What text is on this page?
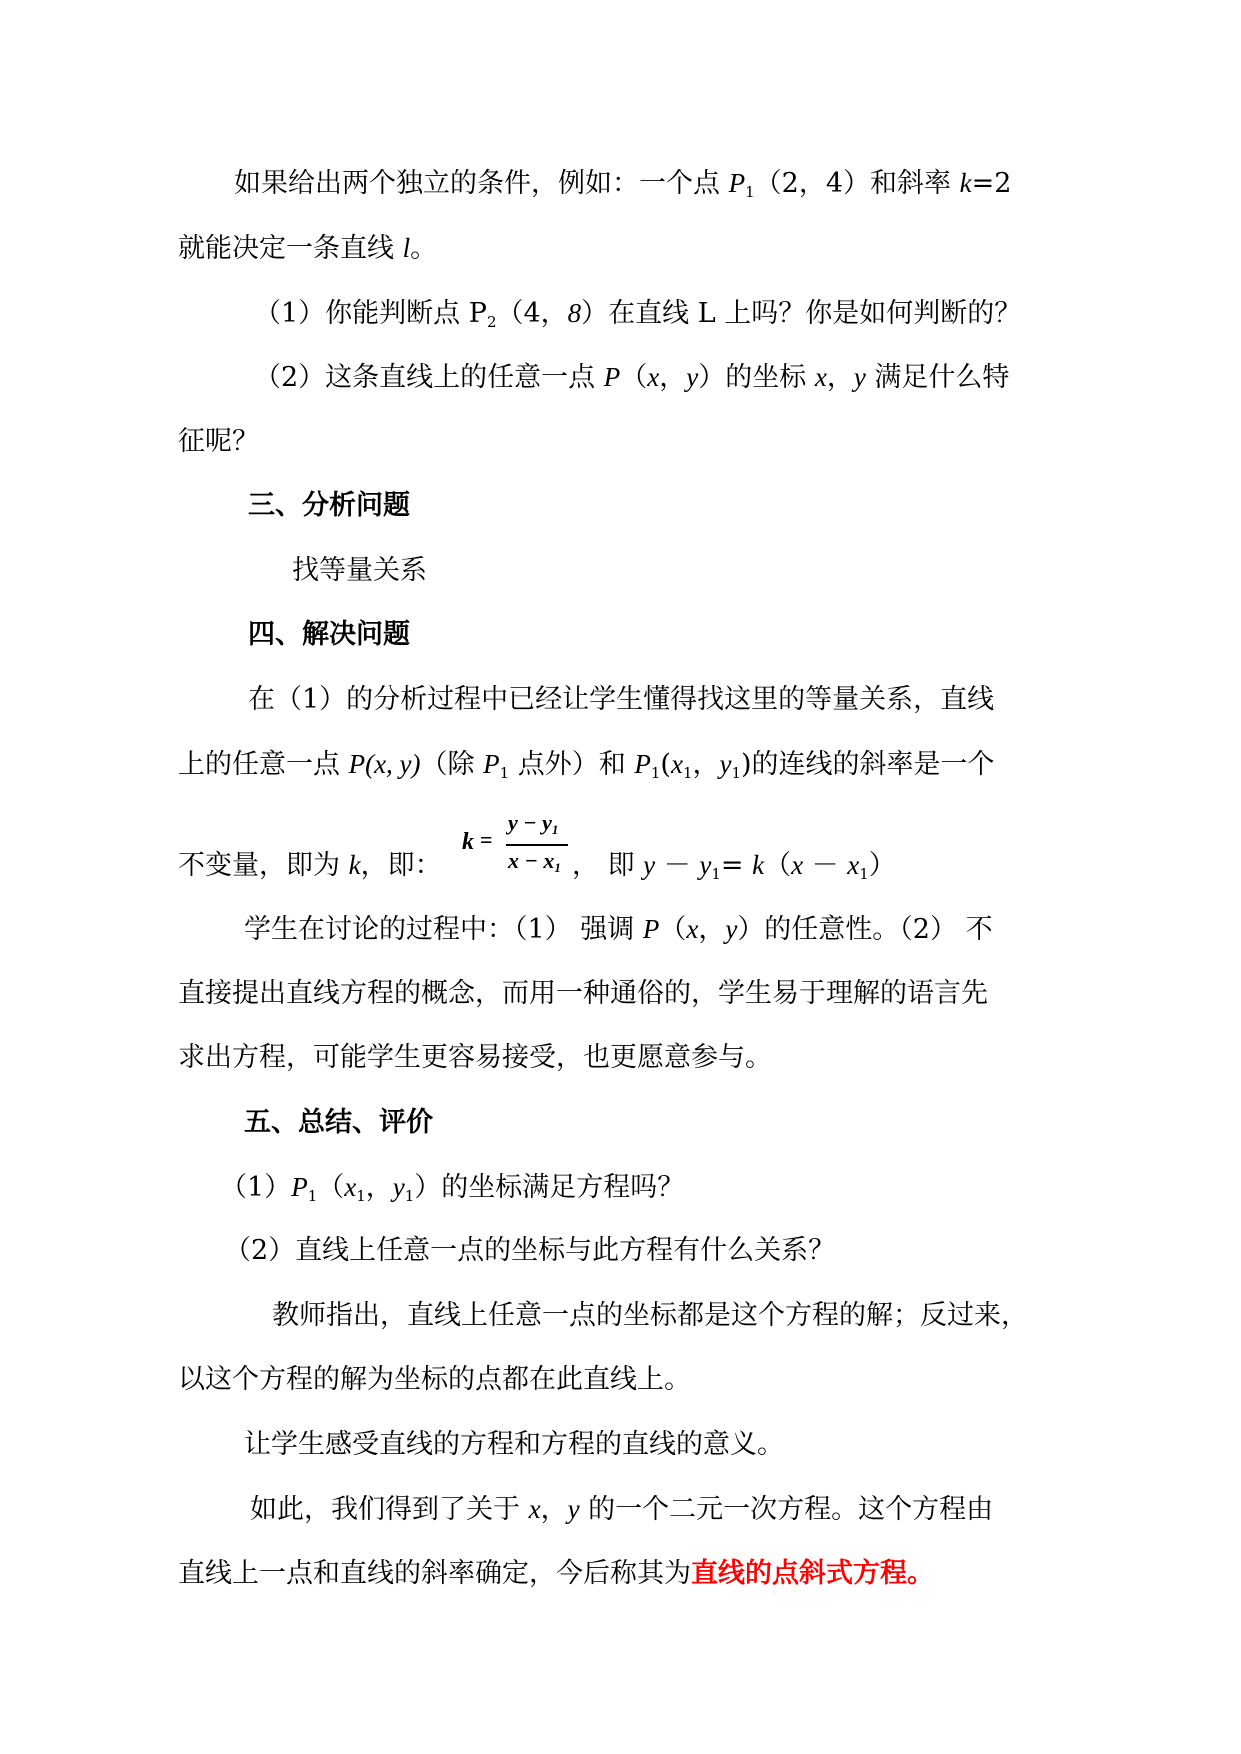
如果给出两个独立的条件，例如：一个点 $P_1(2$，4）和斜率 k=2
就能决定一条直线 l。
（1）你能判断点 $P_2(4$，8）在直线 L 上吗？你是如何判断的？
（2）这条直线上的任意一点 P（x，y）的坐标 x，y 满足什么特
征呢？
三、分析问题
找等量关系
四、解决问题
在（1）的分析过程中已经让学生懂得找这里的等量关系，直线
上的任意一点 P(x, y)（除 $P_1$ 点外）和 $P_1(x_1$，$y_1$)的连线的斜率是一个
k =
$y - y_1$
$x - x_1$
不变量，即为 k，即：	， 即 $y - y_1= k(x - x_1)$
学生在讨论的过程中：（1） 强调 P（x，y）的任意性。（2） 不
直接提出直线方程的概念，而用一种通俗的，学生易于理解的语言先
求出方程，可能学生更容易接受，也更愿意参与。
五、总结、评价
$(1)P_1(x_1$，$y_1$）的坐标满足方程吗？
（2）直线上任意一点的坐标与此方程有什么关系？
教师指出，直线上任意一点的坐标都是这个方程的解；反过来，
以这个方程的解为坐标的点都在此直线上。
让学生感受直线的方程和方程的直线的意义。
如此，我们得到了关于 x，y 的一个二元一次方程。这个方程由
直线上一点和直线的斜率确定，今后称其为直线的点斜式方程。
